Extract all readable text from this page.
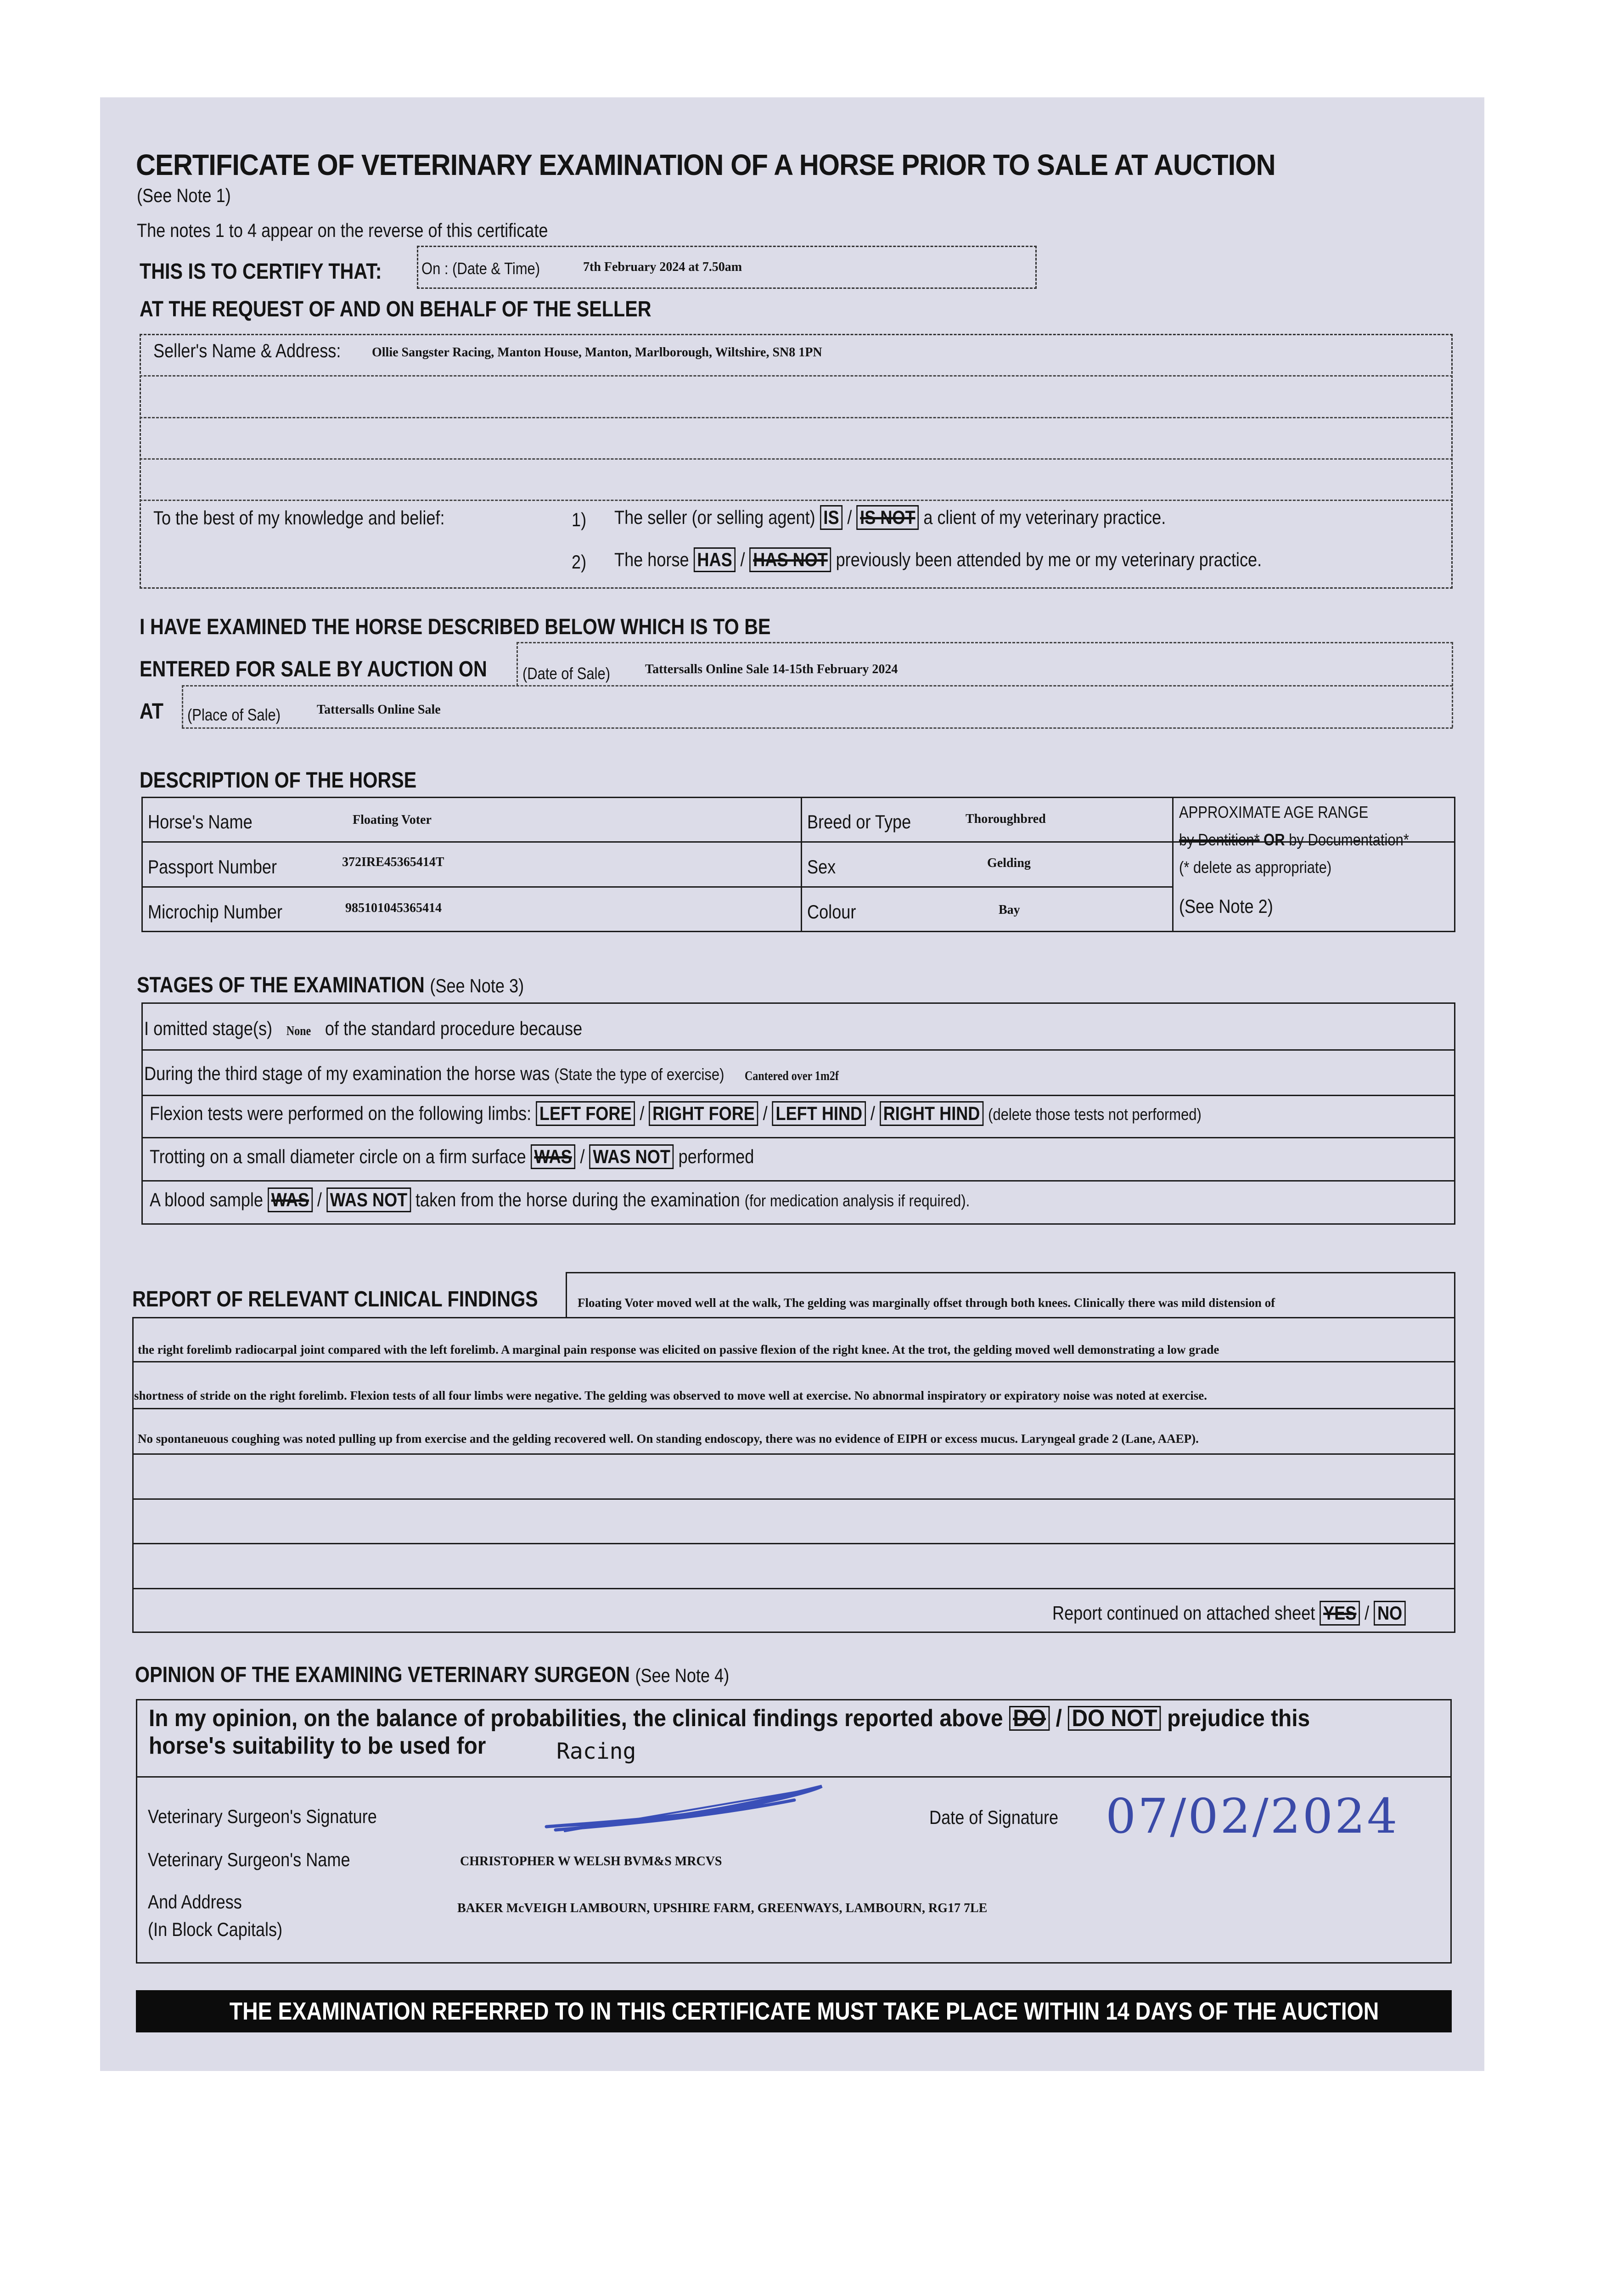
CERTIFICATE OF VETERINARY EXAMINATION OF A HORSE PRIOR TO SALE AT AUCTION
(See Note 1)
The notes 1 to 4 appear on the reverse of this certificate
THIS IS TO CERTIFY THAT: On : (Date & Time)	7th February 2024 at 7.50am
AT THE REQUEST OF AND ON BEHALF OF THE SELLER
Seller's Name & Address: Ollie Sangster Racing, Manton House, Manton, Marlborough, Wiltshire, SN8 1PN
To the best of my knowledge and belief:	1) The seller (or selling agent) IS / IS NOT a client of my veterinary practice.
2) The horse HAS / HAS NOT previously been attended by me or my veterinary practice.
I HAVE EXAMINED THE HORSE DESCRIBED BELOW WHICH IS TO BE
ENTERED FOR SALE BY AUCTION ON (Date of Sale)	Tattersalls Online Sale 14-15th February 2024
AT (Place of Sale)	Tattersalls Online Sale
DESCRIPTION OF THE HORSE
Horse's Name	Floating Voter
Passport Number	372IRE45365414T
Microchip Number	985101045365414
Breed or Type	Thoroughbred
Sex	Gelding
Colour	Bay
APPROXIMATE AGE RANGE
by Dentition* OR by Documentation*
(* delete as appropriate)
(See Note 2)
STAGES OF THE EXAMINATION (See Note 3)
I omitted stage(s) None of the standard procedure because
During the third stage of my examination the horse was (State the type of exercise) Cantered over 1m2f
Flexion tests were performed on the following limbs: LEFT FORE / RIGHT FORE / LEFT HIND / RIGHT HIND (delete those tests not performed)
Trotting on a small diameter circle on a firm surface WAS / WAS NOT performed
A blood sample WAS / WAS NOT taken from the horse during the examination (for medication analysis if required).
REPORT OF RELEVANT CLINICAL FINDINGS	Floating Voter moved well at the walk, The gelding was marginally offset through both knees. Clinically there was mild distension of
the right forelimb radiocarpal joint compared with the left forelimb. A marginal pain response was elicited on passive flexion of the right knee. At the trot, the gelding moved well demonstrating a low grade
shortness of stride on the right forelimb. Flexion tests of all four limbs were negative. The gelding was observed to move well at exercise. No abnormal inspiratory or expiratory noise was noted at exercise.
No spontaneuous coughing was noted pulling up from exercise and the gelding recovered well. On standing endoscopy, there was no evidence of EIPH or excess mucus. Laryngeal grade 2 (Lane, AAEP).
Report continued on attached sheet YES / NO
OPINION OF THE EXAMINING VETERINARY SURGEON (See Note 4)
In my opinion, on the balance of probabilities, the clinical findings reported above DO / DO NOT prejudice this
horse's suitability to be used for	Racing
Veterinary Surgeon's Signature	Date of Signature 07/02/2024
Veterinary Surgeon's Name	CHRISTOPHER W WELSH BVM&S MRCVS
And Address
(In Block Capitals)
BAKER McVEIGH LAMBOURN, UPSHIRE FARM, GREENWAYS, LAMBOURN, RG17 7LE
THE EXAMINATION REFERRED TO IN THIS CERTIFICATE MUST TAKE PLACE WITHIN 14 DAYS OF THE AUCTION
